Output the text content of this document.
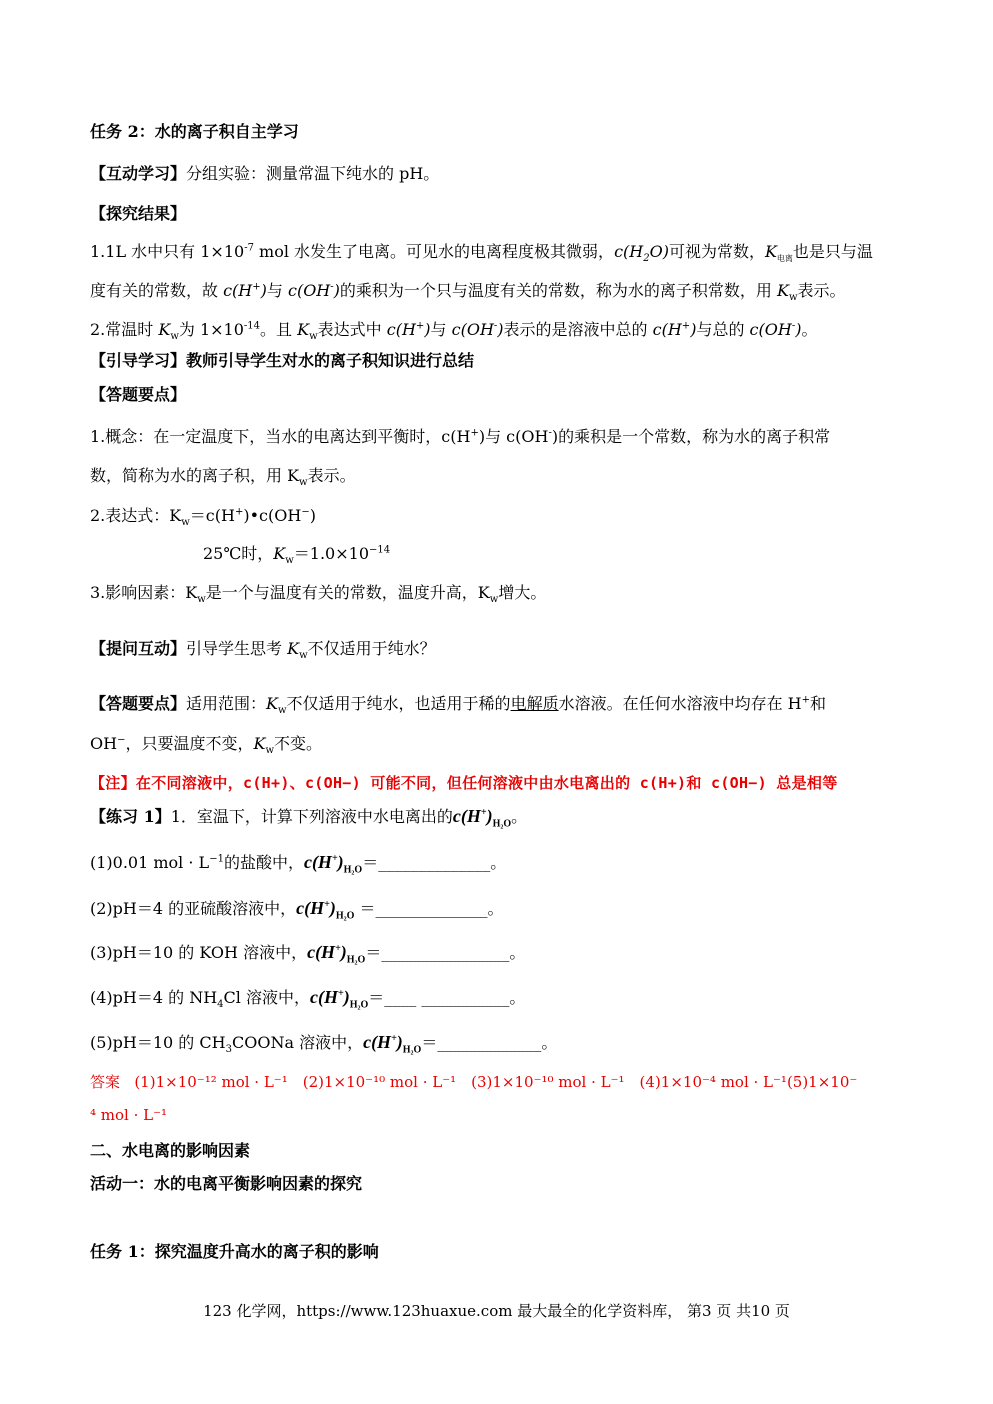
任务 2：水的离子积自主学习
【互动学习】分组实验：测量常温下纯水的 pH。
【探究结果】
1.1L 水中只有 $1\times 10^{-7}$ mol 水发生了电离。可见水的电离程度极其微弱，$c(H_2O)$可视为常数，$K_{电离}$也是只与温
度有关的常数，故 c(H+)与 c(OH-)的乘积为一个只与温度有关的常数，称为水的离子积常数，用 $K_w$表示。
2.常温时 $K_w$为 $1\times 10^{-14}$。且 $K_w$表达式中 c(H+)与 c(OH-)表示的是溶液中总的 c(H+)与总的 c(OH-)。
【引导学习】教师引导学生对水的离子积知识进行总结
【答题要点】
1.概念：在一定温度下，当水的电离达到平衡时，c(H+)与 c(OH-)的乘积是一个常数，称为水的离子积常
数，简称为水的离子积，用 $K_w$表示。
2.表达式：$K_w=c(H^+)•c(OH^-)$
25℃时，$K_w=1.0\times 10^{-14}$
3.影响因素：$K_w$是一个与温度有关的常数，温度升高，$K_w$增大。
【提问互动】引导学生思考 $K_w$不仅适用于纯水？
【答题要点】适用范围：$K_w$不仅适用于纯水，也适用于稀的电解质水溶液。在任何水溶液中均存在 H+和
OH−，只要温度不变，$K_w$不变。
【注】在不同溶液中，c(H+)、c(OH−) 可能不同，但任何溶液中由水电离出的 c(H+)和 c(OH−) 总是相等
【练习 1】1．室温下，计算下列溶液中水电离出的$c(H^+)_{H_2O}$。
(1)0.01 mol · $L^{-1}$的盐酸中，$c(H^+)_{H_2O}=\_\_\_\_\_\_\_\_\_\_\_\_\_\_$。
(2)pH＝4 的亚硫酸溶液中，$c(H^+)_{H_2O}$ ＝______________。
(3)pH＝10 的 KOH 溶液中，$c(H^+)_{H_2O}=\_\_\_\_\_\_\_\_\_\_\_\_\_\_\_\_$。
(4)pH＝4 的 $NH_4Cl$ 溶液中，$c(H^+)_{H_2O}=\_\_\_\_$ ___________。
(5)pH＝10 的 $CH_3COONa$ 溶液中，$c(H^+)_{H_2O}=\_\_\_\_\_\_\_\_\_\_\_\_\_$。
答案 (1)1×10⁻¹² mol · L⁻¹　(2)1×10⁻¹⁰ mol · L⁻¹　(3)1×10⁻¹⁰ mol · L⁻¹　(4)1×10⁻⁴ mol · L⁻¹(5)1×10⁻
⁴ mol · L⁻¹
二、水电离的影响因素
活动一：水的电离平衡影响因素的探究
任务 1：探究温度升高水的离子积的影响
123 化学网，https://www.123huaxue.com 最大最全的化学资料库， 第3 页 共10 页
